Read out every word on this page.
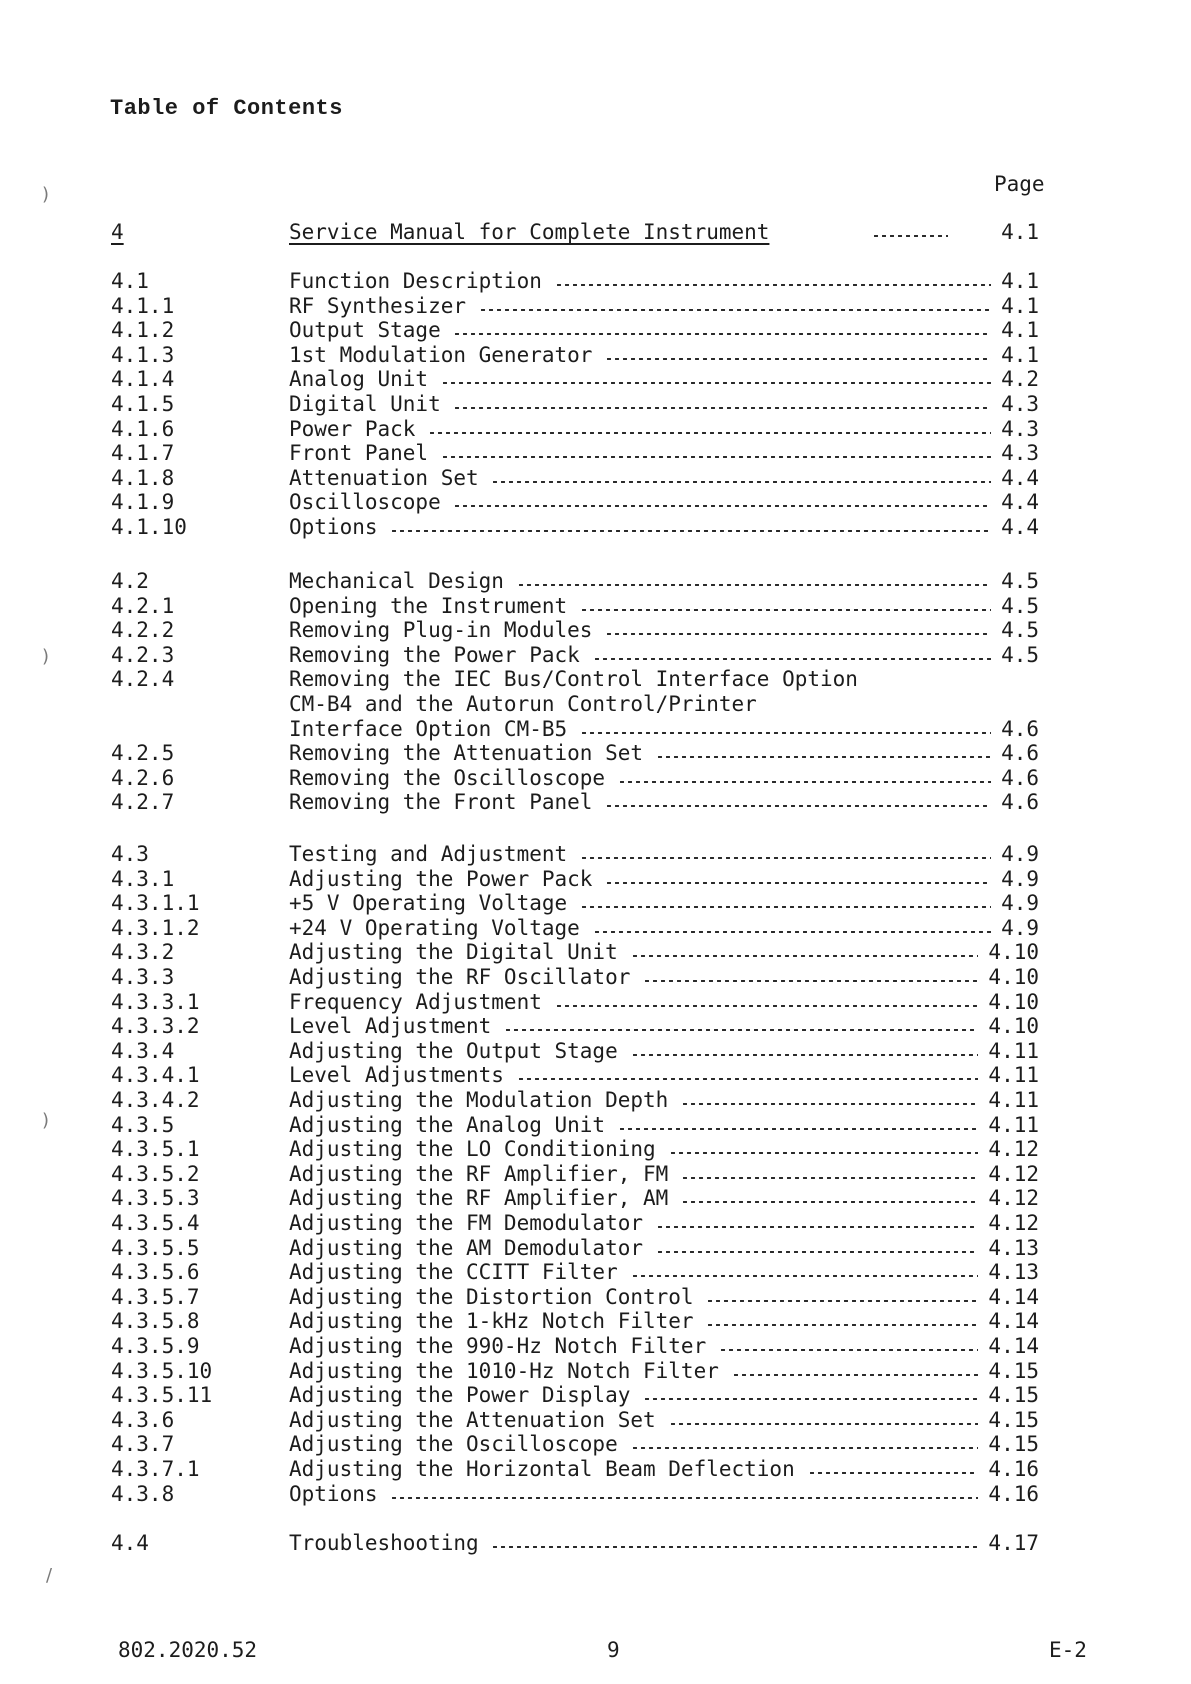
)
)
)
/
Table of Contents
Page
4	Service Manual for Complete Instrument	4.1
4.1	Function Description	4.1
4.1.1	RF Synthesizer	4.1
4.1.2	Output Stage	4.1
4.1.3	1st Modulation Generator	4.1
4.1.4	Analog Unit	4.2
4.1.5	Digital Unit	4.3
4.1.6	Power Pack	4.3
4.1.7	Front Panel	4.3
4.1.8	Attenuation Set	4.4
4.1.9	Oscilloscope	4.4
4.1.10	Options	4.4
4.2	Mechanical Design	4.5
4.2.1	Opening the Instrument	4.5
4.2.2	Removing Plug-in Modules	4.5
4.2.3	Removing the Power Pack	4.5
4.2.4	Removing the IEC Bus/Control Interface Option
CM-B4 and the Autorun Control/Printer
Interface Option CM-B5	4.6
4.2.5	Removing the Attenuation Set	4.6
4.2.6	Removing the Oscilloscope	4.6
4.2.7	Removing the Front Panel	4.6
4.3	Testing and Adjustment	4.9
4.3.1	Adjusting the Power Pack	4.9
4.3.1.1	+5 V Operating Voltage	4.9
4.3.1.2	+24 V Operating Voltage	4.9
4.3.2	Adjusting the Digital Unit	4.10
4.3.3	Adjusting the RF Oscillator	4.10
4.3.3.1	Frequency Adjustment	4.10
4.3.3.2	Level Adjustment	4.10
4.3.4	Adjusting the Output Stage	4.11
4.3.4.1	Level Adjustments	4.11
4.3.4.2	Adjusting the Modulation Depth	4.11
4.3.5	Adjusting the Analog Unit	4.11
4.3.5.1	Adjusting the LO Conditioning	4.12
4.3.5.2	Adjusting the RF Amplifier, FM	4.12
4.3.5.3	Adjusting the RF Amplifier, AM	4.12
4.3.5.4	Adjusting the FM Demodulator	4.12
4.3.5.5	Adjusting the AM Demodulator	4.13
4.3.5.6	Adjusting the CCITT Filter	4.13
4.3.5.7	Adjusting the Distortion Control	4.14
4.3.5.8	Adjusting the 1-kHz Notch Filter	4.14
4.3.5.9	Adjusting the 990-Hz Notch Filter	4.14
4.3.5.10	Adjusting the 1010-Hz Notch Filter	4.15
4.3.5.11	Adjusting the Power Display	4.15
4.3.6	Adjusting the Attenuation Set	4.15
4.3.7	Adjusting the Oscilloscope	4.15
4.3.7.1	Adjusting the Horizontal Beam Deflection	4.16
4.3.8	Options	4.16
4.4	Troubleshooting	4.17
802.2020.52	9	E-2
